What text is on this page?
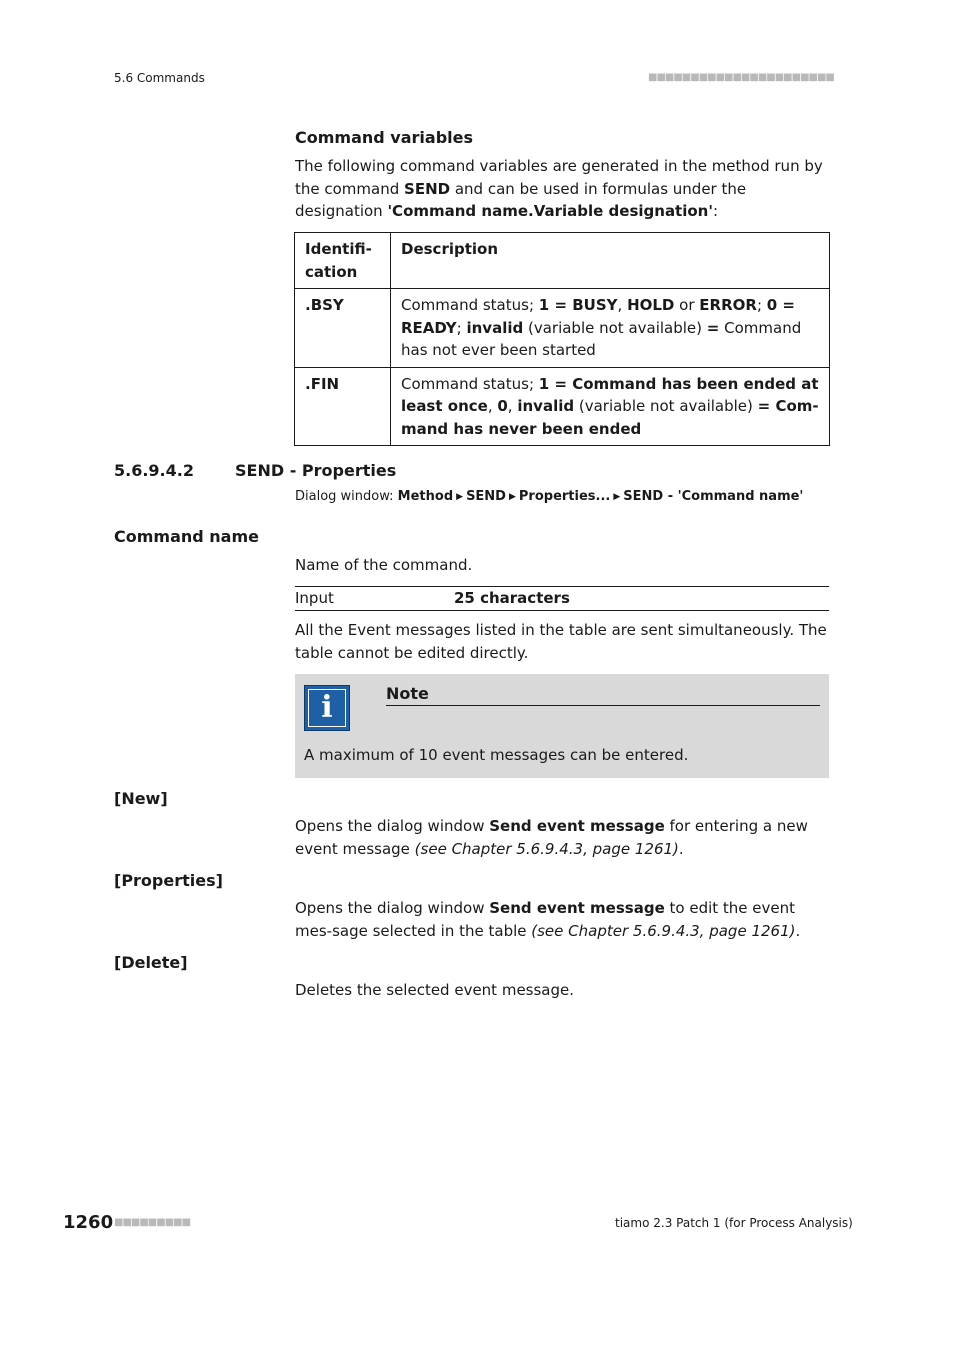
5.6 Commands	■■■■■■■■■■■■■■■■■■■■■■
Command variables
The following command variables are generated in the method run by the command SEND and can be used in formulas under the designation 'Command name.Variable designation':
Identifi-
cation	Description
.BSY	Command status; 1 = BUSY, HOLD or ERROR; 0 = READY; invalid (variable not available) = Command has not ever been started
.FIN	Command status; 1 = Command has been ended at least once, 0, invalid (variable not available) = Com-mand has never been ended
5.6.9.4.2	SEND - Properties
Dialog window: Method ▶ SEND ▶ Properties... ▶ SEND - 'Command name'
Command name
Name of the command.
Input	25 characters
All the Event messages listed in the table are sent simultaneously. The table cannot be edited directly.
i	Note
A maximum of 10 event messages can be entered.
[New]
Opens the dialog window Send event message for entering a new event message (see Chapter 5.6.9.4.3, page 1261).
[Properties]
Opens the dialog window Send event message to edit the event mes-sage selected in the table (see Chapter 5.6.9.4.3, page 1261).
[Delete]
Deletes the selected event message.
1260 ■■■■■■■■■	tiamo 2.3 Patch 1 (for Process Analysis)
